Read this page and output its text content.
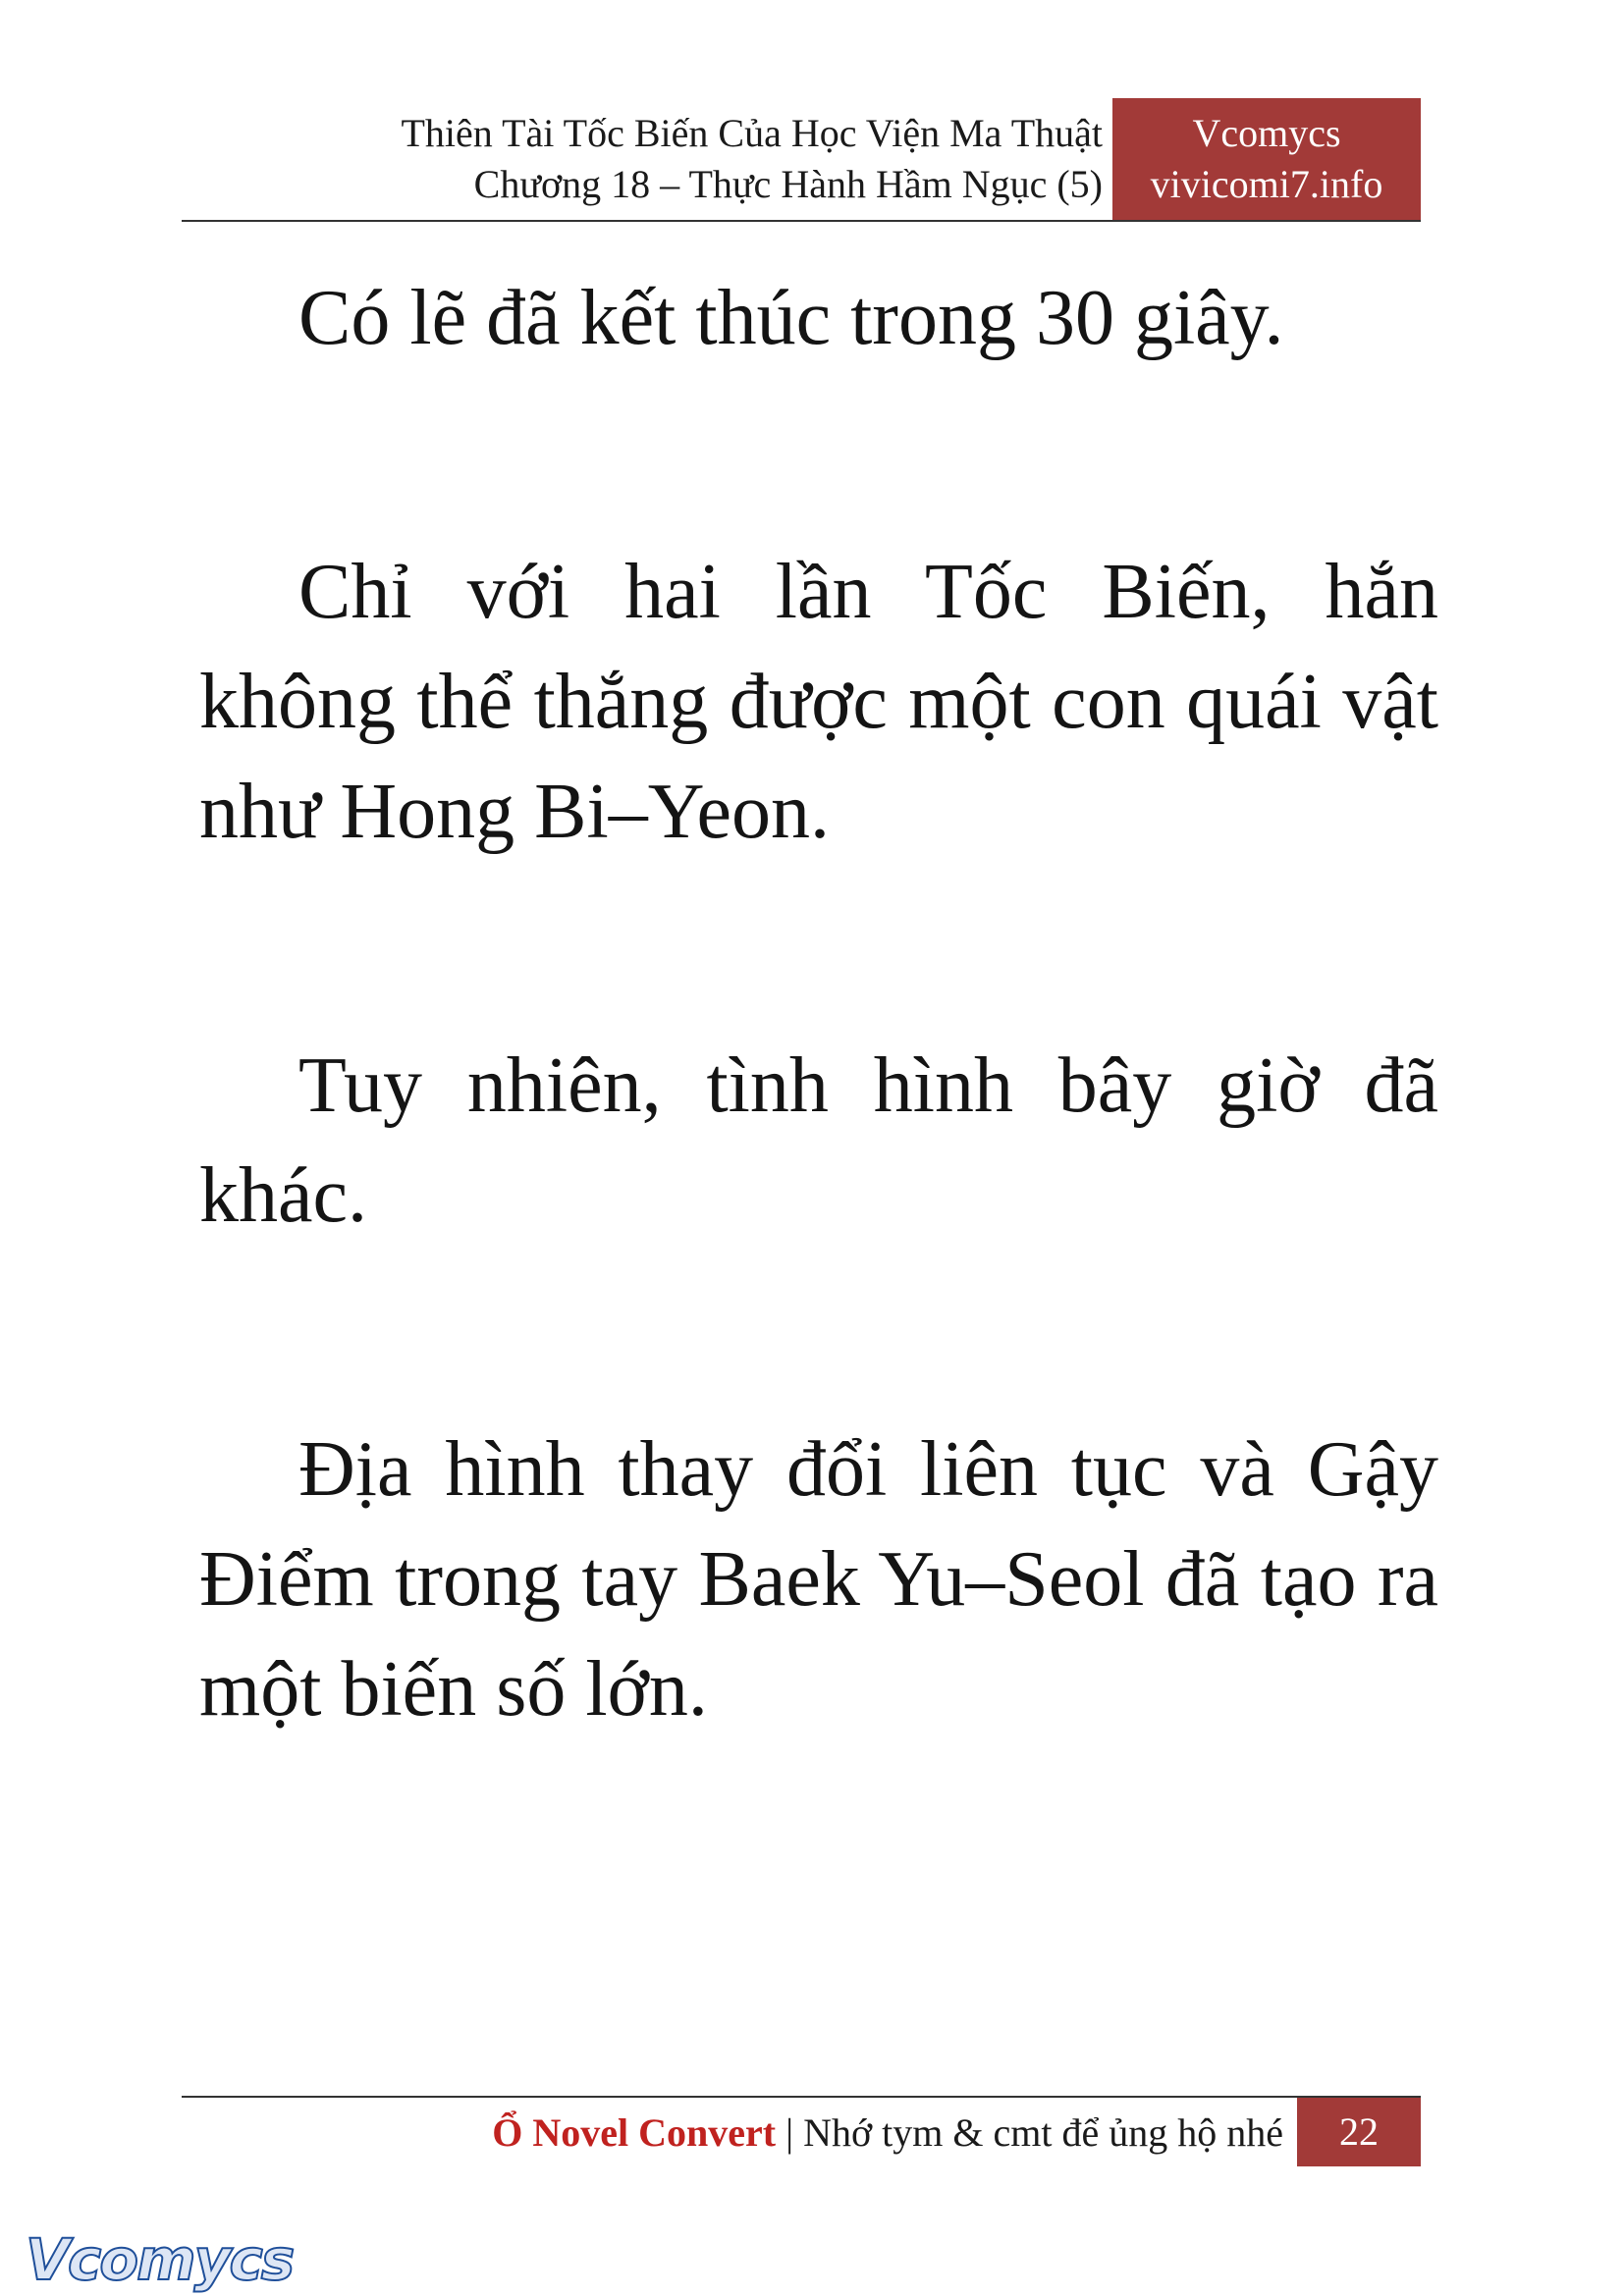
Thiên Tài Tốc Biến Của Học Viện Ma Thuật
Chương 18 – Thực Hành Hầm Ngục (5)
Vcomycs
vivicomi7.info

Có lẽ đã kết thúc trong 30 giây.

Chỉ với hai lần Tốc Biến, hắn không thể thắng được một con quái vật như Hong Bi–Yeon.

Tuy nhiên, tình hình bây giờ đã khác.

Địa hình thay đổi liên tục và Gậy Điểm trong tay Baek Yu–Seol đã tạo ra một biến số lớn.

Ổ Novel Convert | Nhớ tym & cmt để ủng hộ nhé	22
Vcomycs
